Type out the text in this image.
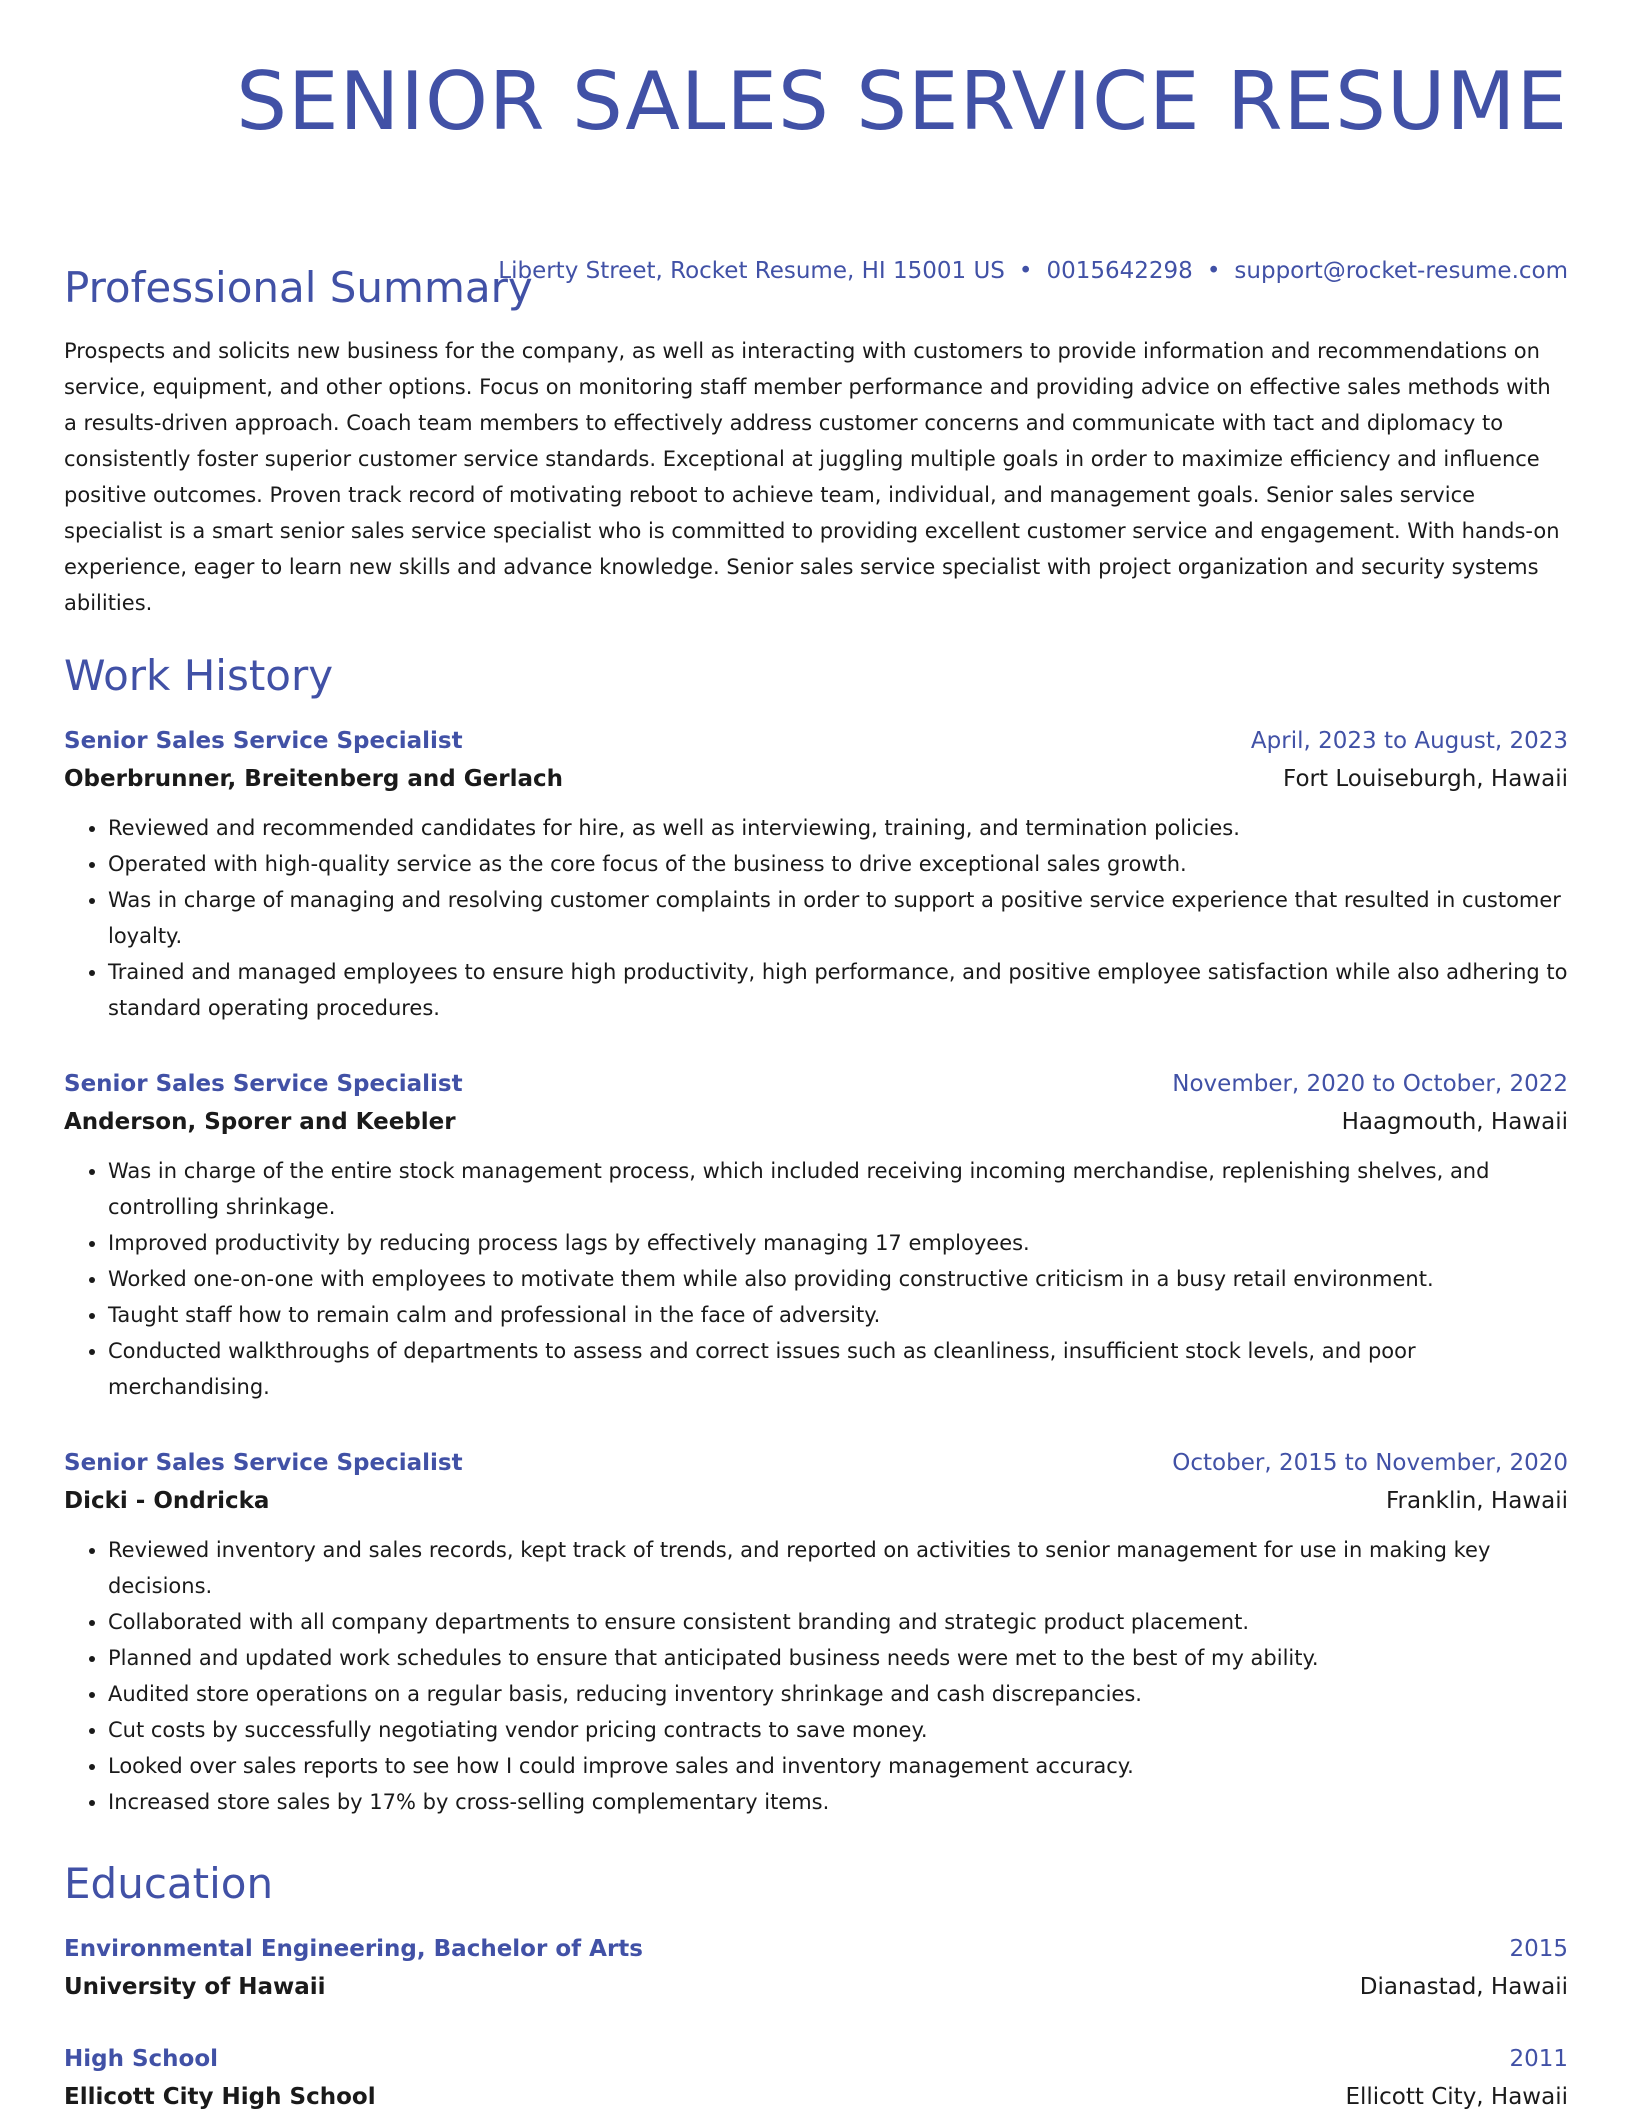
SENIOR SALES SERVICE RESUME
Liberty Street, Rocket Resume, HI 15001 US • 0015642298 • support@rocket-resume.com
Professional Summary

Prospects and solicits new business for the company, as well as interacting with customers to provide information and recommendations on service, equipment, and other options. Focus on monitoring staff member performance and providing advice on effective sales methods with a results-driven approach. Coach team members to effectively address customer concerns and communicate with tact and diplomacy to consistently foster superior customer service standards. Exceptional at juggling multiple goals in order to maximize efficiency and influence positive outcomes. Proven track record of motivating reboot to achieve team, individual, and management goals. Senior sales service specialist is a smart senior sales service specialist who is committed to providing excellent customer service and engagement. With hands-on experience, eager to learn new skills and advance knowledge. Senior sales service specialist with project organization and security systems abilities.

Work History
Senior Sales Service Specialist	April, 2023 to August, 2023
Oberbrunner, Breitenberg and Gerlach	Fort Louiseburgh, Hawaii
• Reviewed and recommended candidates for hire, as well as interviewing, training, and termination policies.
• Operated with high-quality service as the core focus of the business to drive exceptional sales growth.
• Was in charge of managing and resolving customer complaints in order to support a positive service experience that resulted in customer loyalty.
• Trained and managed employees to ensure high productivity, high performance, and positive employee satisfaction while also adhering to standard operating procedures.
Senior Sales Service Specialist	November, 2020 to October, 2022
Anderson, Sporer and Keebler	Haagmouth, Hawaii
• Was in charge of the entire stock management process, which included receiving incoming merchandise, replenishing shelves, and controlling shrinkage.
• Improved productivity by reducing process lags by effectively managing 17 employees.
• Worked one-on-one with employees to motivate them while also providing constructive criticism in a busy retail environment.
• Taught staff how to remain calm and professional in the face of adversity.
• Conducted walkthroughs of departments to assess and correct issues such as cleanliness, insufficient stock levels, and poor merchandising.
Senior Sales Service Specialist	October, 2015 to November, 2020
Dicki - Ondricka	Franklin, Hawaii
• Reviewed inventory and sales records, kept track of trends, and reported on activities to senior management for use in making key decisions.
• Collaborated with all company departments to ensure consistent branding and strategic product placement.
• Planned and updated work schedules to ensure that anticipated business needs were met to the best of my ability.
• Audited store operations on a regular basis, reducing inventory shrinkage and cash discrepancies.
• Cut costs by successfully negotiating vendor pricing contracts to save money.
• Looked over sales reports to see how I could improve sales and inventory management accuracy.
• Increased store sales by 17% by cross-selling complementary items.
Education
Environmental Engineering, Bachelor of Arts	2015
University of Hawaii	Dianastad, Hawaii
High School	2011
Ellicott City High School	Ellicott City, Hawaii
